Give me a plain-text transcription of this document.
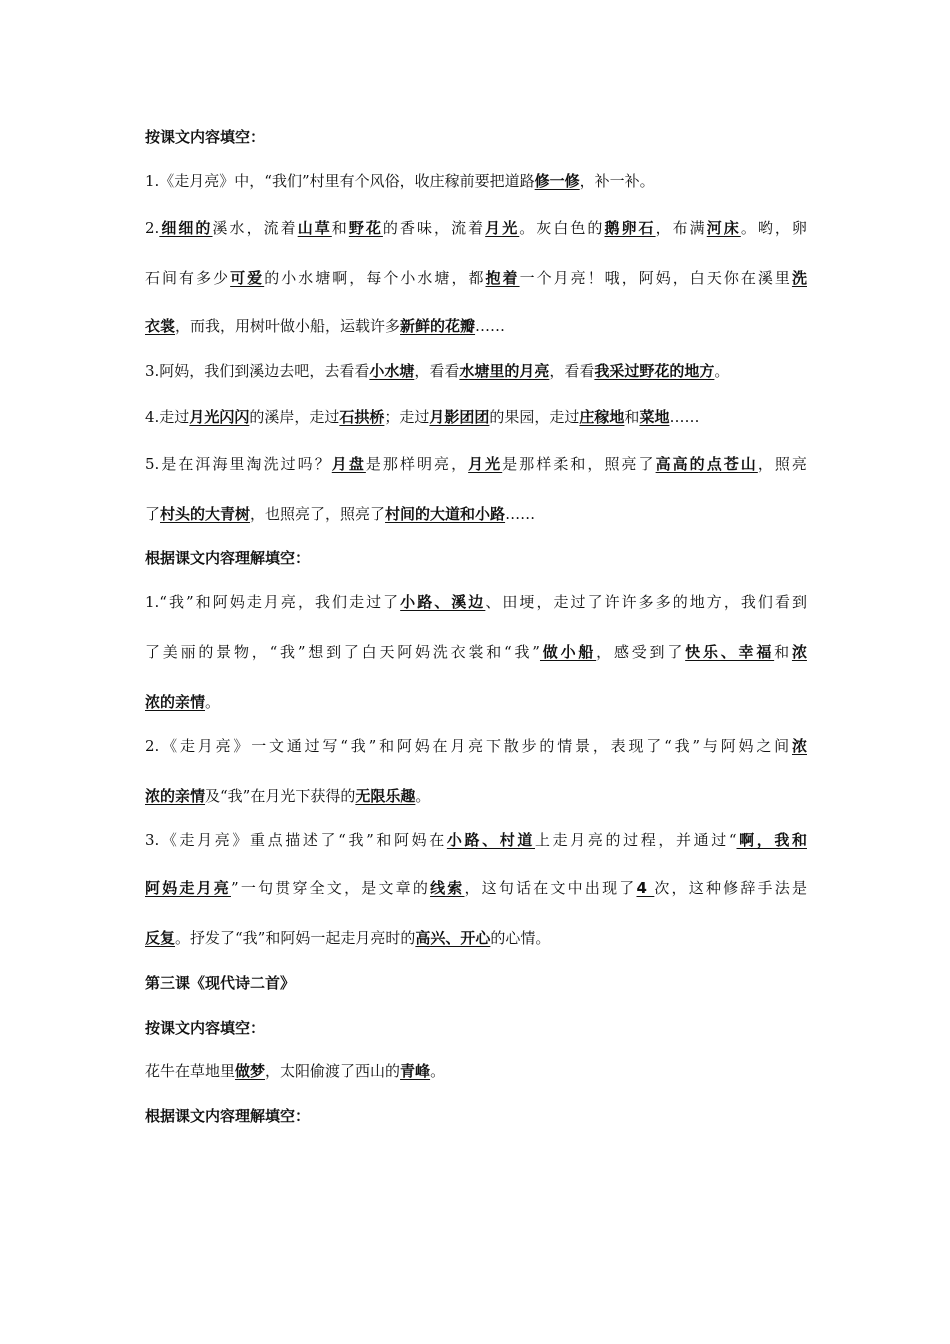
按课文内容填空：
1.《走月亮》中，“我们”村里有个风俗，收庄稼前要把道路修一修，补一补。
2.细细的溪水，流着山草和野花的香味，流着月光。灰白色的鹅卵石，布满河床。哟，卵
石间有多少可爱的小水塘啊，每个小水塘，都抱着一个月亮！哦，阿妈，白天你在溪里洗
衣裳，而我，用树叶做小船，运载许多新鲜的花瓣……
3.阿妈，我们到溪边去吧，去看看小水塘，看看水塘里的月亮，看看我采过野花的地方。
4.走过月光闪闪的溪岸，走过石拱桥；走过月影团团的果园，走过庄稼地和菜地……
5.是在洱海里淘洗过吗？月盘是那样明亮，月光是那样柔和，照亮了高高的点苍山，照亮
了村头的大青树，也照亮了，照亮了村间的大道和小路……
根据课文内容理解填空：
1.“我”和阿妈走月亮，我们走过了小路、溪边、田埂，走过了许许多多的地方，我们看到
了美丽的景物，“我”想到了白天阿妈洗衣裳和“我”做小船，感受到了快乐、幸福和浓
浓的亲情。
2.《走月亮》一文通过写“我”和阿妈在月亮下散步的情景，表现了“我”与阿妈之间浓
浓的亲情及“我”在月光下获得的无限乐趣。
3.《走月亮》重点描述了“我”和阿妈在小路、村道上走月亮的过程，并通过“啊，我和
阿妈走月亮”一句贯穿全文，是文章的线索，这句话在文中出现了4 次，这种修辞手法是
反复。抒发了“我”和阿妈一起走月亮时的高兴、开心的心情。
第三课《现代诗二首》
按课文内容填空：
花牛在草地里做梦，太阳偷渡了西山的青峰。
根据课文内容理解填空：
